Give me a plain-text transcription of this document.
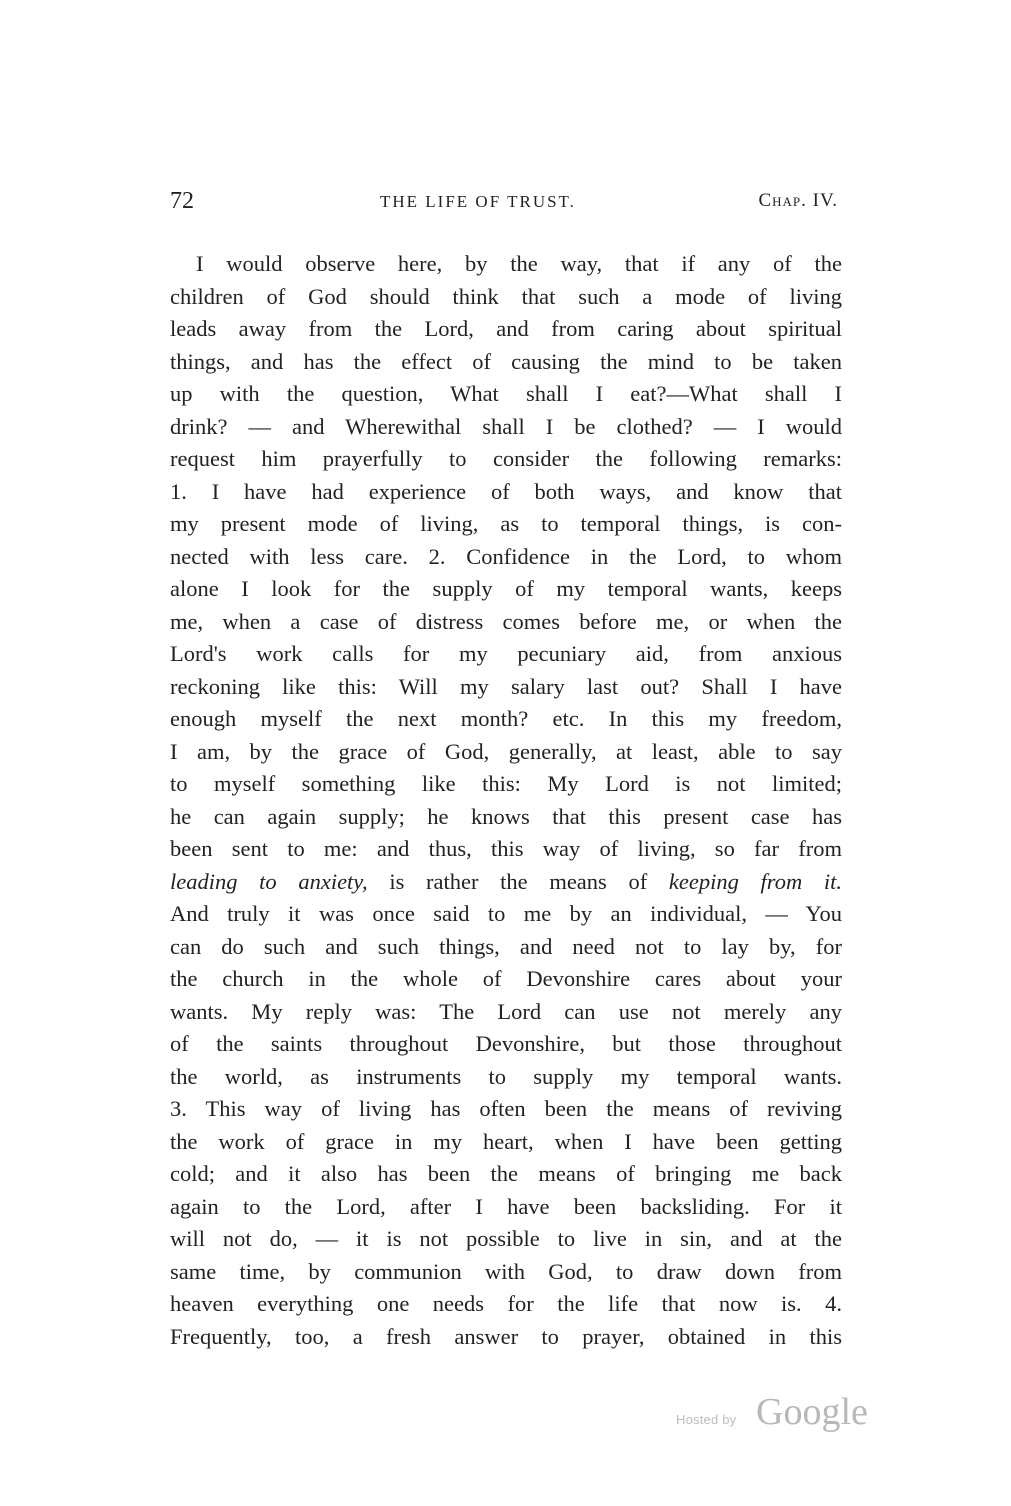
72	THE LIFE OF TRUST.	Chap. IV.
I would observe here, by the way, that if any of the
children of God should think that such a mode of living
leads away from the Lord, and from caring about spiritual
things, and has the effect of causing the mind to be taken
up with the question, What shall I eat?—What shall I
drink? — and Wherewithal shall I be clothed? — I would
request him prayerfully to consider the following remarks:
1. I have had experience of both ways, and know that
my present mode of living, as to temporal things, is con-
nected with less care. 2. Confidence in the Lord, to whom
alone I look for the supply of my temporal wants, keeps
me, when a case of distress comes before me, or when the
Lord's work calls for my pecuniary aid, from anxious
reckoning like this: Will my salary last out? Shall I have
enough myself the next month? etc. In this my freedom,
I am, by the grace of God, generally, at least, able to say
to myself something like this: My Lord is not limited;
he can again supply; he knows that this present case has
been sent to me: and thus, this way of living, so far from
leading to anxiety, is rather the means of keeping from it.
And truly it was once said to me by an individual, — You
can do such and such things, and need not to lay by, for
the church in the whole of Devonshire cares about your
wants. My reply was: The Lord can use not merely any
of the saints throughout Devonshire, but those throughout
the world, as instruments to supply my temporal wants.
3. This way of living has often been the means of reviving
the work of grace in my heart, when I have been getting
cold; and it also has been the means of bringing me back
again to the Lord, after I have been backsliding. For it
will not do, — it is not possible to live in sin, and at the
same time, by communion with God, to draw down from
heaven everything one needs for the life that now is. 4.
Frequently, too, a fresh answer to prayer, obtained in this
Hosted by Google
